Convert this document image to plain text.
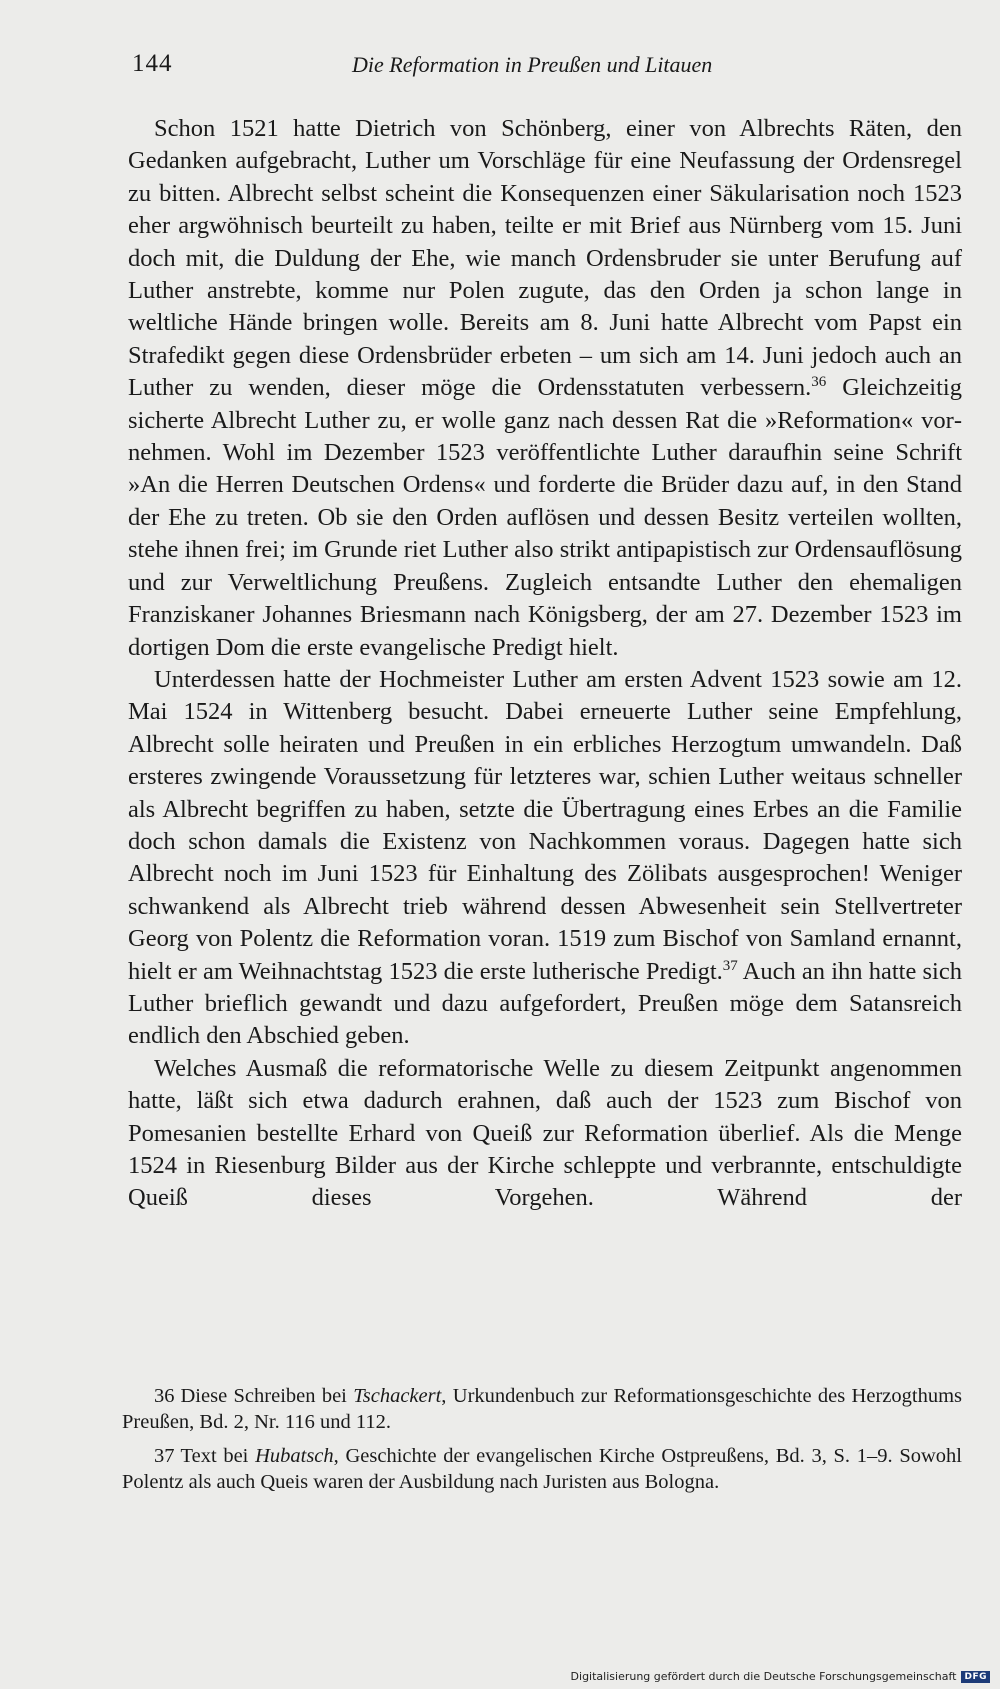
144	Die Reformation in Preußen und Litauen

Schon 1521 hatte Dietrich von Schönberg, einer von Albrechts Räten, den Gedanken aufgebracht, Luther um Vorschläge für eine Neufassung der Ordensregel zu bitten. Albrecht selbst scheint die Konsequenzen einer Säkularisation noch 1523 eher argwöhnisch beurteilt zu haben, teilte er mit Brief aus Nürnberg vom 15. Juni doch mit, die Duldung der Ehe, wie manch Ordensbruder sie unter Berufung auf Luther anstrebte, komme nur Polen zugute, das den Orden ja schon lange in weltliche Hände bringen wolle. Bereits am 8. Juni hatte Albrecht vom Papst ein Strafedikt gegen diese Ordensbrüder erbeten – um sich am 14. Juni jedoch auch an Luther zu wenden, dieser möge die Ordensstatuten verbessern.$^{36}$ Gleichzeitig sicherte Albrecht Luther zu, er wolle ganz nach dessen Rat die »Reformation« vornehmen. Wohl im Dezember 1523 veröffentlichte Luther daraufhin seine Schrift »An die Herren Deutschen Ordens« und forderte die Brüder dazu auf, in den Stand der Ehe zu treten. Ob sie den Orden auflösen und dessen Besitz verteilen wollten, stehe ihnen frei; im Grunde riet Luther also strikt antipapistisch zur Ordensauflösung und zur Verweltlichung Preußens. Zugleich entsandte Luther den ehemaligen Franziskaner Johannes Briesmann nach Königsberg, der am 27. Dezember 1523 im dortigen Dom die erste evangelische Predigt hielt.

Unterdessen hatte der Hochmeister Luther am ersten Advent 1523 sowie am 12. Mai 1524 in Wittenberg besucht. Dabei erneuerte Luther seine Empfehlung, Albrecht solle heiraten und Preußen in ein erbliches Herzogtum umwandeln. Daß ersteres zwingende Voraussetzung für letzteres war, schien Luther weitaus schneller als Albrecht begriffen zu haben, setzte die Übertragung eines Erbes an die Familie doch schon damals die Existenz von Nachkommen voraus. Dagegen hatte sich Albrecht noch im Juni 1523 für Einhaltung des Zölibats ausgesprochen! Weniger schwankend als Albrecht trieb während dessen Abwesenheit sein Stellvertreter Georg von Polentz die Reformation voran. 1519 zum Bischof von Samland ernannt, hielt er am Weihnachtstag 1523 die erste lutherische Predigt.$^{37}$ Auch an ihn hatte sich Luther brieflich gewandt und dazu aufgefordert, Preußen möge dem Satansreich endlich den Abschied geben.

Welches Ausmaß die reformatorische Welle zu diesem Zeitpunkt angenommen hatte, läßt sich etwa dadurch erahnen, daß auch der 1523 zum Bischof von Pomesanien bestellte Erhard von Queiß zur Reformation überlief. Als die Menge 1524 in Riesenburg Bilder aus der Kirche schleppte und verbrannte, entschuldigte Queiß dieses Vorgehen. Während der

36 Diese Schreiben bei Tschackert, Urkundenbuch zur Reformationsgeschichte des Herzogthums Preußen, Bd. 2, Nr. 116 und 112.

37 Text bei Hubatsch, Geschichte der evangelischen Kirche Ostpreußens, Bd. 3, S. 1–9. Sowohl Polentz als auch Queis waren der Ausbildung nach Juristen aus Bologna.

Digitalisierung gefördert durch die Deutsche Forschungsgemeinschaft DFG
